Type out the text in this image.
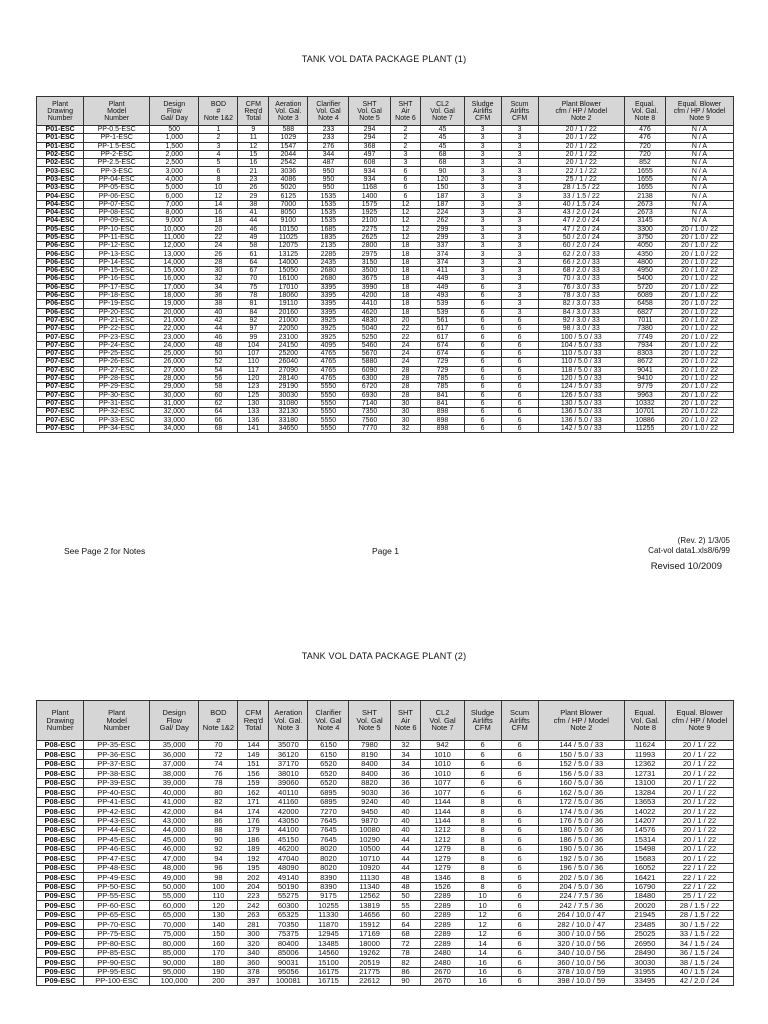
TANK VOL DATA PACKAGE PLANT (1)
Plant
Drawing
Number	Plant
Model
Number	Design
Flow
Gal/ Day	BOD
#
Note 1&2	CFM
Req'd
Total	Aeration
Vol. Gal.
Note 3	Clarifier
Vol. Gal
Note 4	SHT
Vol. Gal
Note 5	SHT
Air
Note 6	CL2
Vol. Gal
Note 7	Sludge
Airlifts
CFM	Scum
Airlifts
CFM	Plant Blower
cfm / HP / Model
Note 2	Equal.
Vol. Gal.
Note 8	Equal. Blower
cfm / HP / Model
Note 9
P01-ESC	PP-0.5-ESC	500	1	9	588	233	294	2	45	3	3	20 / 1 / 22	476	N / A
P01-ESC	PP-1-ESC	1,000	2	11	1029	233	294	2	45	3	3	20 / 1 / 22	476	N / A
P01-ESC	PP-1.5-ESC	1,500	3	12	1547	276	368	2	45	3	3	20 / 1 / 22	720	N / A
P02-ESC	PP-2-ESC	2,000	4	15	2044	344	497	3	68	3	3	20 / 1 / 22	720	N / A
P02-ESC	PP-2.5-ESC	2,500	5	16	2542	487	608	3	68	3	3	20 / 1 / 22	852	N / A
P03-ESC	PP-3-ESC	3,000	6	21	3036	950	934	6	90	3	3	22 / 1 / 22	1655	N / A
P03-ESC	PP-04-ESC	4,000	8	23	4086	950	934	6	120	3	3	25 / 1 / 22	1655	N / A
P03-ESC	PP-05-ESC	5,000	10	26	5020	950	1168	6	150	3	3	28 / 1.5 / 22	1655	N / A
P04-ESC	PP-06-ESC	6,000	12	29	6125	1535	1400	6	187	3	3	33 / 1.5 / 22	2138	N / A
P04-ESC	PP-07-ESC	7,000	14	38	7000	1535	1575	12	187	3	3	40 / 1.5 / 24	2673	N / A
P04-ESC	PP-08-ESC	8,000	16	41	8050	1535	1925	12	224	3	3	43 / 2.0 / 24	2673	N / A
P04-ESC	PP-09-ESC	9,000	18	44	9100	1535	2100	12	262	3	3	47 / 2.0 / 24	3145	N / A
P05-ESC	PP-10-ESC	10,000	20	46	10150	1685	2275	12	299	3	3	47 / 2.0 / 24	3300	20 / 1.0 / 22
P05-ESC	PP-11-ESC	11,000	22	49	11025	1835	2625	12	299	3	3	50 / 2.0 / 24	3750	20 / 1.0 / 22
P06-ESC	PP-12-ESC	12,000	24	58	12075	2135	2800	18	337	3	3	60 / 2.0 / 24	4050	20 / 1.0 / 22
P06-ESC	PP-13-ESC	13,000	26	61	13125	2285	2975	18	374	3	3	62 / 2.0 / 33	4350	20 / 1.0 / 22
P06-ESC	PP-14-ESC	14,000	28	64	14000	2435	3150	18	374	3	3	66 / 2.0 / 33	4800	20 / 1.0 / 22
P06-ESC	PP-15-ESC	15,000	30	67	15050	2680	3500	18	411	3	3	68 / 2.0 / 33	4950	20 / 1.0 / 22
P06-ESC	PP-16-ESC	16,000	32	70	16100	2680	3675	18	449	3	3	70 / 3.0 / 33	5400	20 / 1.0 / 22
P06-ESC	PP-17-ESC	17,000	34	75	17010	3395	3990	18	449	6	3	76 / 3.0 / 33	5720	20 / 1.0 / 22
P06-ESC	PP-18-ESC	18,000	36	78	18060	3395	4200	18	493	6	3	78 / 3.0 / 33	6089	20 / 1.0 / 22
P06-ESC	PP-19-ESC	19,000	38	81	19110	3395	4410	18	539	6	3	82 / 3.0 / 33	6458	20 / 1.0 / 22
P06-ESC	PP-20-ESC	20,000	40	84	20160	3395	4620	18	539	6	3	84 / 3.0 / 33	6827	20 / 1.0 / 22
P07-ESC	PP-21-ESC	21,000	42	92	21000	3925	4830	20	561	6	6	92 / 3.0 / 33	7011	20 / 1.0 / 22
P07-ESC	PP-22-ESC	22,000	44	97	22050	3925	5040	22	617	6	6	98 / 3.0 / 33	7380	20 / 1.0 / 22
P07-ESC	PP-23-ESC	23,000	46	99	23100	3925	5250	22	617	6	6	100 / 5.0 / 33	7749	20 / 1.0 / 22
P07-ESC	PP-24-ESC	24,000	48	104	24150	4095	5460	24	674	6	6	104 / 5.0 / 33	7934	20 / 1.0 / 22
P07-ESC	PP-25-ESC	25,000	50	107	25200	4765	5670	24	674	6	6	110 / 5.0 / 33	8303	20 / 1.0 / 22
P07-ESC	PP-26-ESC	26,000	52	110	26040	4765	5880	24	729	6	6	110 / 5.0 / 33	8672	20 / 1.0 / 22
P07-ESC	PP-27-ESC	27,000	54	117	27090	4765	6090	28	729	6	6	118 / 5.0 / 33	9041	20 / 1.0 / 22
P07-ESC	PP-28-ESC	28,000	56	120	28140	4765	6300	28	785	6	6	120 / 5.0 / 33	9410	20 / 1.0 / 22
P07-ESC	PP-29-ESC	29,000	58	123	29190	5550	6720	28	785	6	6	124 / 5.0 / 33	9779	20 / 1.0 / 22
P07-ESC	PP-30-ESC	30,000	60	125	30030	5550	6930	28	841	6	6	126 / 5.0 / 33	9963	20 / 1.0 / 22
P07-ESC	PP-31-ESC	31,000	62	130	31080	5550	7140	30	841	6	6	130 / 5.0 / 33	10332	20 / 1.0 / 22
P07-ESC	PP-32-ESC	32,000	64	133	32130	5550	7350	30	898	6	6	136 / 5.0 / 33	10701	20 / 1.0 / 22
P07-ESC	PP-33-ESC	33,000	66	136	33180	5550	7560	30	898	6	6	136 / 5.0 / 33	10886	20 / 1.0 / 22
P07-ESC	PP-34-ESC	34,000	68	141	34650	5550	7770	32	898	6	6	142 / 5.0 / 33	11255	20 / 1.0 / 22
See Page 2 for Notes	Page 1
(Rev. 2) 1/3/05
Cat-vol data1.xls8/6/99
Revised 10/2009
TANK VOL DATA PACKAGE PLANT (2)
Plant
Drawing
Number	Plant
Model
Number	Design
Flow
Gal/ Day	BOD
#
Note 1&2	CFM
Req'd
Total	Aeration
Vol. Gal.
Note 3	Clarifier
Vol. Gal
Note 4	SHT
Vol. Gal
Note 5	SHT
Air
Note 6	CL2
Vol. Gal
Note 7	Sludge
Airlifts
CFM	Scum
Airlifts
CFM	Plant Blower
cfm / HP / Model
Note 2	Equal.
Vol. Gal.
Note 8	Equal. Blower
cfm / HP / Model
Note 9
P08-ESC	PP-35-ESC	35,000	70	144	35070	6150	7980	32	942	6	6	144 / 5.0 / 33	11624	20 / 1 / 22
P08-ESC	PP-36-ESC	36,000	72	149	36120	6150	8190	34	1010	6	6	150 / 5.0 / 33	11993	20 / 1 / 22
P08-ESC	PP-37-ESC	37,000	74	151	37170	6520	8400	34	1010	6	6	152 / 5.0 / 33	12362	20 / 1 / 22
P08-ESC	PP-38-ESC	38,000	76	156	38010	6520	8400	36	1010	6	6	156 / 5.0 / 33	12731	20 / 1 / 22
P08-ESC	PP-39-ESC	39,000	78	159	39060	6520	8820	36	1077	6	6	160 / 5.0 / 36	13100	20 / 1 / 22
P08-ESC	PP-40-ESC	40,000	80	162	40110	6895	9030	36	1077	6	6	162 / 5.0 / 36	13284	20 / 1 / 22
P08-ESC	PP-41-ESC	41,000	82	171	41160	6895	9240	40	1144	8	6	172 / 5.0 / 36	13653	20 / 1 / 22
P08-ESC	PP-42-ESC	42,000	84	174	42000	7270	9450	40	1144	8	6	174 / 5.0 / 36	14022	20 / 1 / 22
P08-ESC	PP-43-ESC	43,000	86	176	43050	7645	9870	40	1144	8	6	176 / 5.0 / 36	14207	20 / 1 / 22
P08-ESC	PP-44-ESC	44,000	88	179	44100	7645	10080	40	1212	8	6	180 / 5.0 / 36	14576	20 / 1 / 22
P08-ESC	PP-45-ESC	45,000	90	186	45150	7645	10290	44	1212	8	6	186 / 5.0 / 36	15314	20 / 1 / 22
P08-ESC	PP-46-ESC	46,000	92	189	46200	8020	10500	44	1279	8	6	190 / 5.0 / 36	15498	20 / 1 / 22
P08-ESC	PP-47-ESC	47,000	94	192	47040	8020	10710	44	1279	8	6	192 / 5.0 / 36	15683	20 / 1 / 22
P08-ESC	PP-48-ESC	48,000	96	195	48090	8020	10920	44	1279	8	6	196 / 5.0 / 36	16052	22 / 1 / 22
P08-ESC	PP-49-ESC	49,000	98	202	49140	8390	11130	48	1346	8	6	202 / 5.0 / 36	16421	22 / 1 / 22
P08-ESC	PP-50-ESC	50,000	100	204	50190	8390	11340	48	1526	8	6	204 / 5.0 / 36	16790	22 / 1 / 22
P09-ESC	PP-55-ESC	55,000	110	223	55275	9175	12562	50	2289	10	6	224 / 7.5 / 36	18480	25 / 1 / 22
P09-ESC	PP-60-ESC	60,000	120	242	60300	10255	13819	55	2289	10	6	242 / 7.5 / 36	20020	28 / 1.5 / 22
P09-ESC	PP-65-ESC	65,000	130	263	65325	11330	14656	60	2289	12	6	264 / 10.0 / 47	21945	28 / 1.5 / 22
P09-ESC	PP-70-ESC	70,000	140	281	70350	11870	15912	64	2289	12	6	282 / 10.0 / 47	23485	30 / 1.5 / 22
P09-ESC	PP-75-ESC	75,000	150	300	75375	12945	17169	68	2289	12	6	300 / 10.0 / 56	25025	33 / 1.5 / 22
P09-ESC	PP-80-ESC	80,000	160	320	80400	13485	18000	72	2289	14	6	320 / 10.0 / 56	26950	34 / 1.5 / 24
P09-ESC	PP-85-ESC	85,000	170	340	85006	14560	19262	78	2480	14	6	340 / 10.0 / 56	28490	36 / 1.5 / 24
P09-ESC	PP-90-ESC	90,000	180	360	90031	15100	20519	82	2480	16	6	360 / 10.0 / 56	30030	38 / 1.5 / 24
P09-ESC	PP-95-ESC	95,000	190	378	95056	16175	21775	86	2670	16	6	378 / 10.0 / 59	31955	40 / 1.5 / 24
P09-ESC	PP-100-ESC	100,000	200	397	100081	16715	22612	90	2670	16	6	398 / 10.0 / 59	33495	42 / 2.0 / 24
